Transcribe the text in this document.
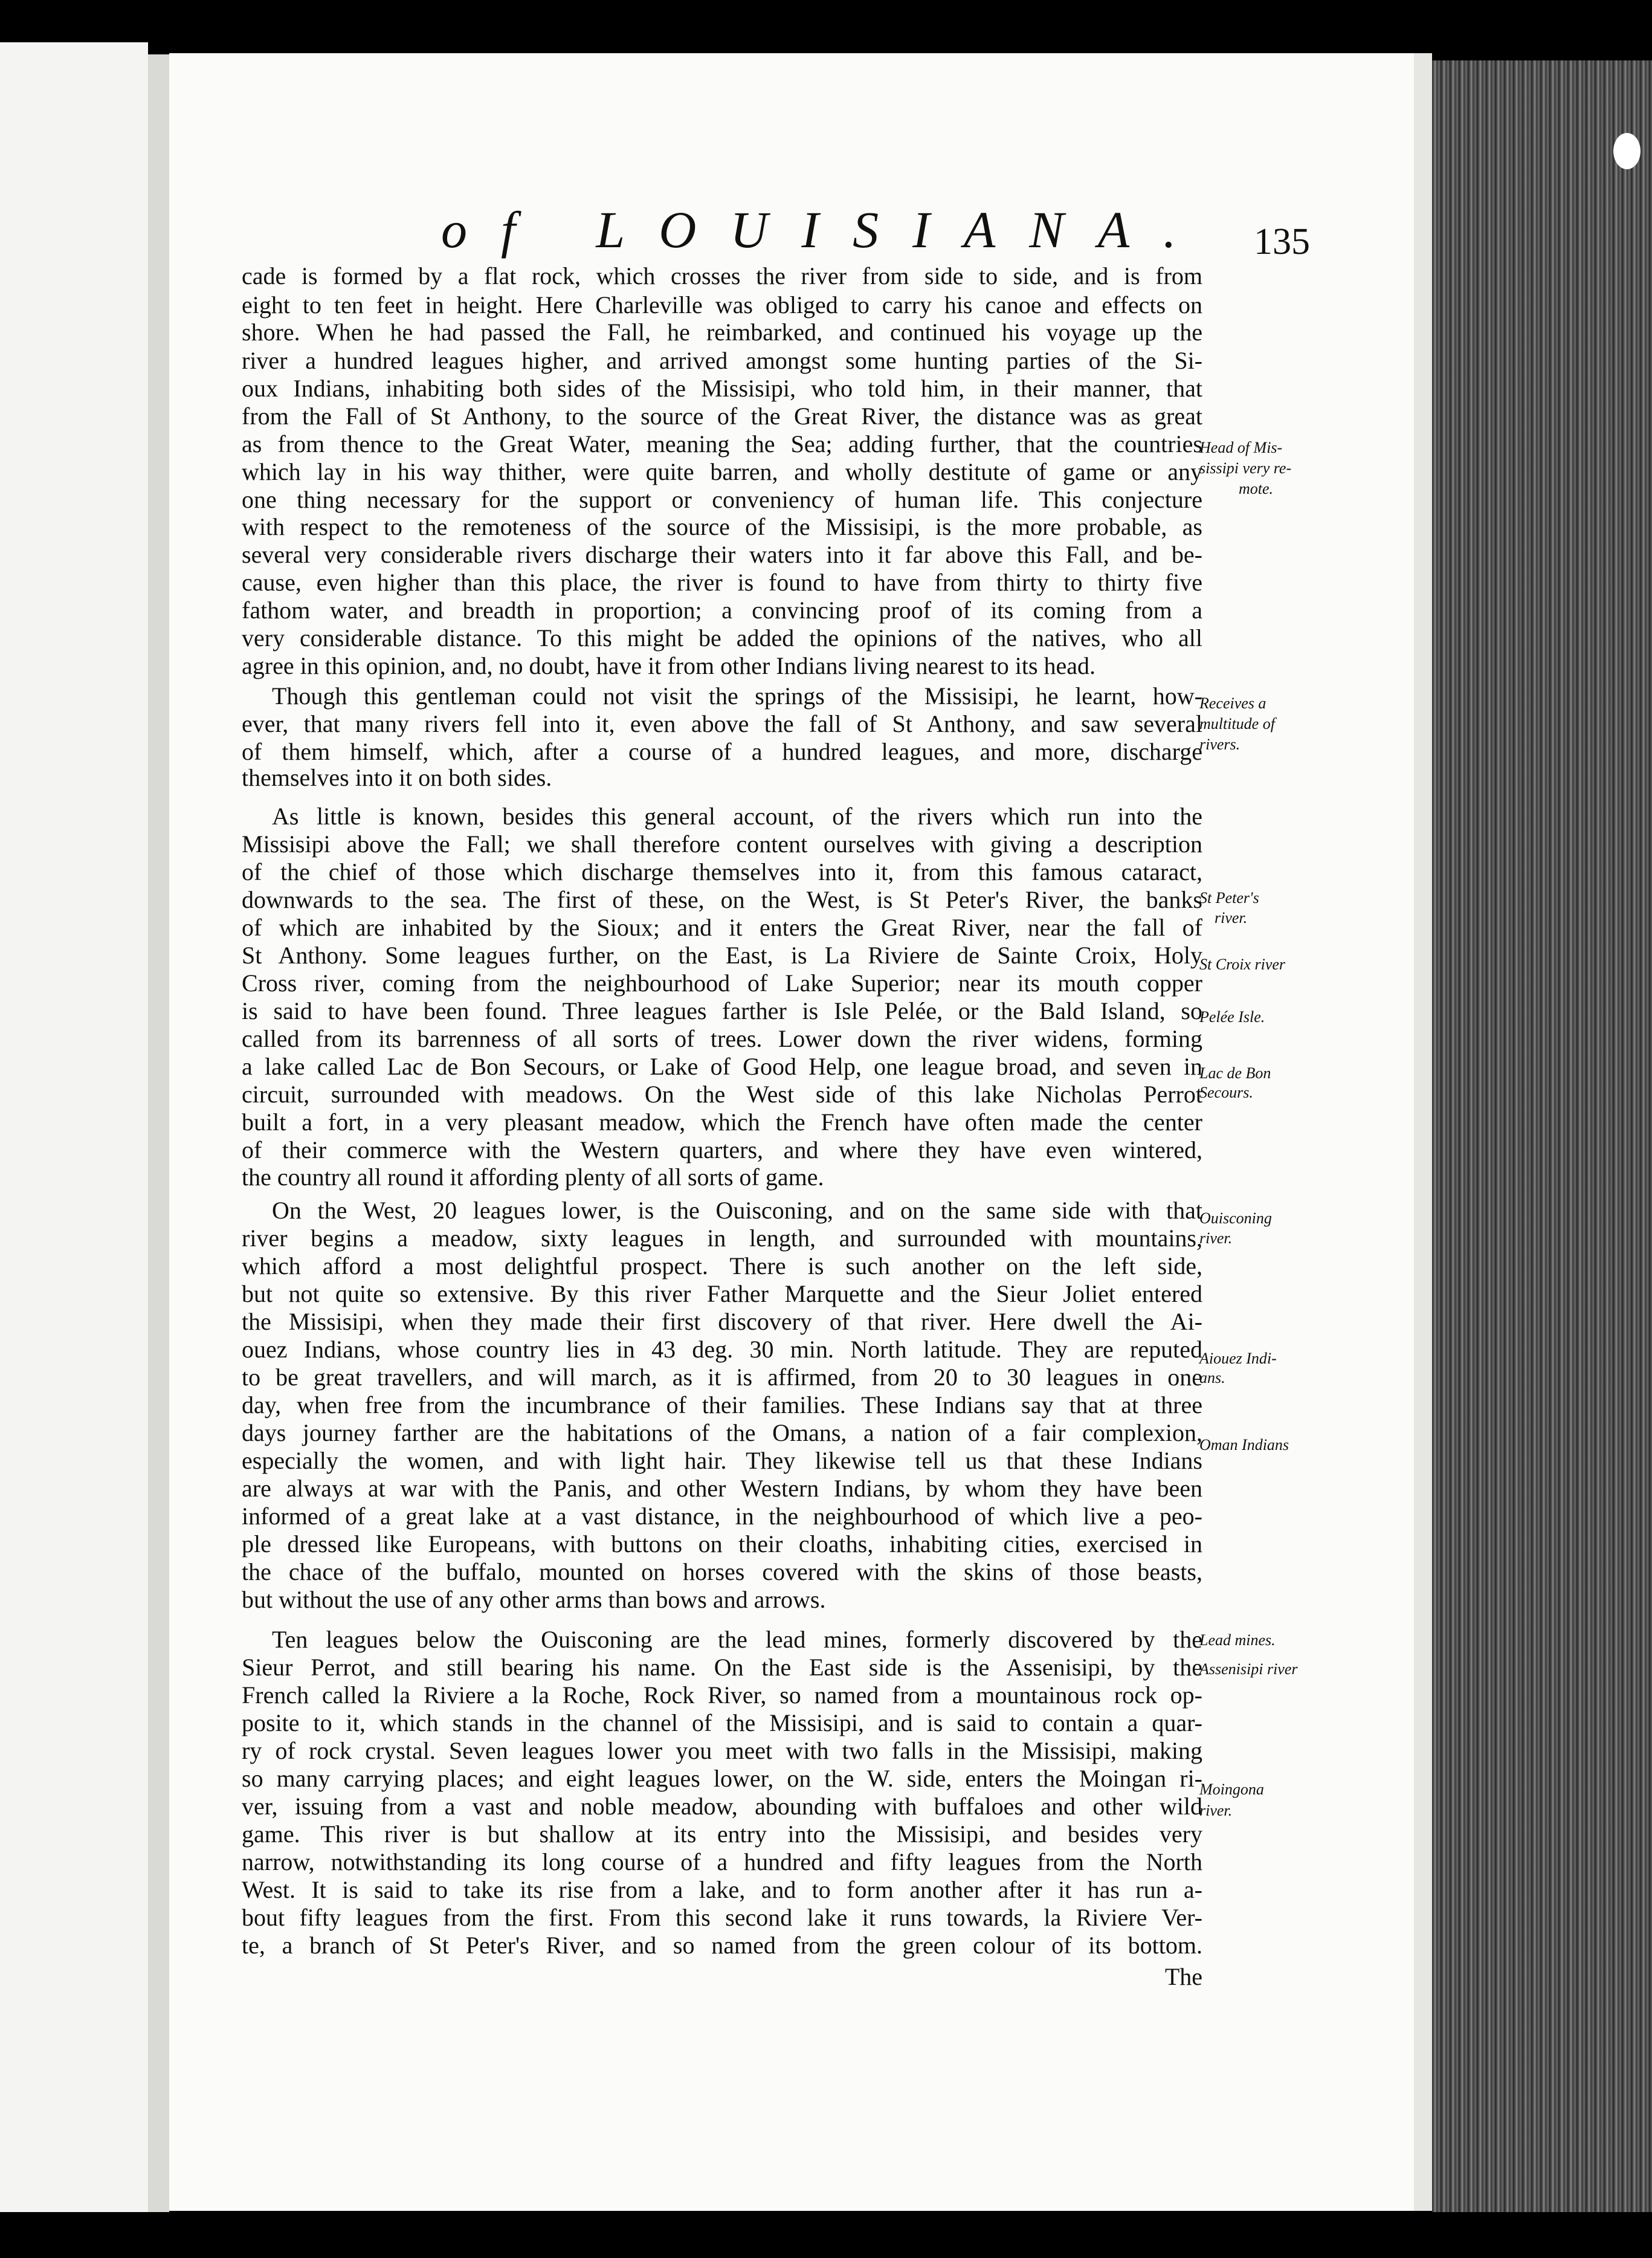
of LOUISIANA. 135
cade is formed by a flat rock, which crosses the river from side to side, and is from
eight to ten feet in height. Here Charleville was obliged to carry his canoe and effects on
shore. When he had passed the Fall, he reimbarked, and continued his voyage up the
river a hundred leagues higher, and arrived amongst some hunting parties of the Si-
oux Indians, inhabiting both sides of the Missisipi, who told him, in their manner, that
from the Fall of St Anthony, to the source of the Great River, the distance was as great
as from thence to the Great Water, meaning the Sea; adding further, that the countries
which lay in his way thither, were quite barren, and wholly destitute of game or any
one thing necessary for the support or conveniency of human life. This conjecture
with respect to the remoteness of the source of the Missisipi, is the more probable, as
several very considerable rivers discharge their waters into it far above this Fall, and be-
cause, even higher than this place, the river is found to have from thirty to thirty five
fathom water, and breadth in proportion; a convincing proof of its coming from a
very considerable distance. To this might be added the opinions of the natives, who all
agree in this opinion, and, no doubt, have it from other Indians living nearest to its head.
Though this gentleman could not visit the springs of the Missisipi, he learnt, how-
ever, that many rivers fell into it, even above the fall of St Anthony, and saw several
of them himself, which, after a course of a hundred leagues, and more, discharge
themselves into it on both sides.
As little is known, besides this general account, of the rivers which run into the
Missisipi above the Fall; we shall therefore content ourselves with giving a description
of the chief of those which discharge themselves into it, from this famous cataract,
downwards to the sea. The first of these, on the West, is St Peter's River, the banks
of which are inhabited by the Sioux; and it enters the Great River, near the fall of
St Anthony. Some leagues further, on the East, is La Riviere de Sainte Croix, Holy
Cross river, coming from the neighbourhood of Lake Superior; near its mouth copper
is said to have been found. Three leagues farther is Isle Pelée, or the Bald Island, so
called from its barrenness of all sorts of trees. Lower down the river widens, forming
a lake called Lac de Bon Secours, or Lake of Good Help, one league broad, and seven in
circuit, surrounded with meadows. On the West side of this lake Nicholas Perrot
built a fort, in a very pleasant meadow, which the French have often made the center
of their commerce with the Western quarters, and where they have even wintered,
the country all round it affording plenty of all sorts of game.
On the West, 20 leagues lower, is the Ouisconing, and on the same side with that
river begins a meadow, sixty leagues in length, and surrounded with mountains,
which afford a most delightful prospect. There is such another on the left side,
but not quite so extensive. By this river Father Marquette and the Sieur Joliet entered
the Missisipi, when they made their first discovery of that river. Here dwell the Ai-
ouez Indians, whose country lies in 43 deg. 30 min. North latitude. They are reputed
to be great travellers, and will march, as it is affirmed, from 20 to 30 leagues in one
day, when free from the incumbrance of their families. These Indians say that at three
days journey farther are the habitations of the Omans, a nation of a fair complexion,
especially the women, and with light hair. They likewise tell us that these Indians
are always at war with the Panis, and other Western Indians, by whom they have been
informed of a great lake at a vast distance, in the neighbourhood of which live a peo-
ple dressed like Europeans, with buttons on their cloaths, inhabiting cities, exercised in
the chace of the buffalo, mounted on horses covered with the skins of those beasts,
but without the use of any other arms than bows and arrows.
Ten leagues below the Ouisconing are the lead mines, formerly discovered by the
Sieur Perrot, and still bearing his name. On the East side is the Assenisipi, by the
French called la Riviere a la Roche, Rock River, so named from a mountainous rock op-
posite to it, which stands in the channel of the Missisipi, and is said to contain a quar-
ry of rock crystal. Seven leagues lower you meet with two falls in the Missisipi, making
so many carrying places; and eight leagues lower, on the W. side, enters the Moingan ri-
ver, issuing from a vast and noble meadow, abounding with buffaloes and other wild
game. This river is but shallow at its entry into the Missisipi, and besides very
narrow, notwithstanding its long course of a hundred and fifty leagues from the North
West. It is said to take its rise from a lake, and to form another after it has run a-
bout fifty leagues from the first. From this second lake it runs towards, la Riviere Ver-
te, a branch of St Peter's River, and so named from the green colour of its bottom.
The
Head of Mis-
sissipi very re-
mote.
Receives a
multitude of
rivers.
St Peter's
river.
St Croix river
Pelée Isle.
Lac de Bon
Secours.
Ouisconing
river.
Aiouez Indi-
ans.
Oman Indians
Lead mines.
Assenisipi river
Moingona
river.
